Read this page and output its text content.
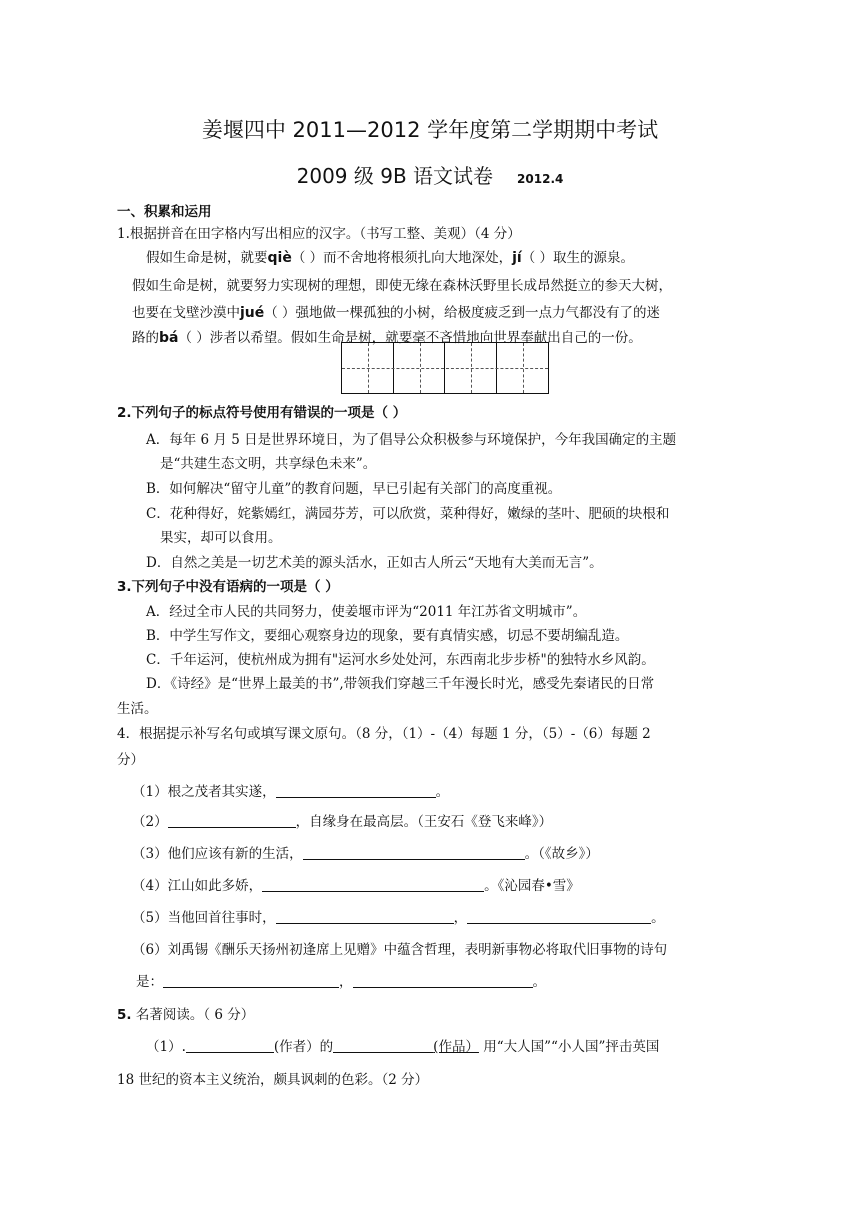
姜堰四中 2011—2012 学年度第二学期期中考试
2009 级 9B 语文试卷 2012.4
一、积累和运用
1.根据拼音在田字格内写出相应的汉字。（书写工整、美观）（4 分）
假如生命是树，就要qiè（ ）而不舍地将根须扎向大地深处，jí（ ）取生的源泉。
假如生命是树，就要努力实现树的理想，即使无缘在森林沃野里长成昂然挺立的参天大树，
也要在戈壁沙漠中jué（ ）强地做一棵孤独的小树，给极度疲乏到一点力气都没有了的迷
路的bá（ ）涉者以希望。假如生命是树，就要毫不吝惜地向世界奉献出自己的一份。
2.下列句子的标点符号使用有错误的一项是（ ）
A．每年 6 月 5 日是世界环境日，为了倡导公众积极参与环境保护，今年我国确定的主题
是“共建生态文明，共享绿色未来”。
B．如何解决“留守儿童”的教育问题，早已引起有关部门的高度重视。
C．花种得好，姹紫嫣红，满园芬芳，可以欣赏，菜种得好，嫩绿的茎叶、肥硕的块根和
果实，却可以食用。
D．自然之美是一切艺术美的源头活水，正如古人所云“天地有大美而无言”。
3.下列句子中没有语病的一项是（ ）
A．经过全市人民的共同努力，使姜堰市评为“2011 年江苏省文明城市”。
B．中学生写作文，要细心观察身边的现象，要有真情实感，切忌不要胡编乱造。
C．千年运河，使杭州成为拥有"运河水乡处处河，东西南北步步桥"的独特水乡风韵。
D．《诗经》是“世界上最美的书”,带领我们穿越三千年漫长时光，感受先秦诸民的日常
生活。
4．根据提示补写名句或填写课文原句。（8 分，（1）-（4）每题 1 分，（5）-（6）每题 2
分）
（1）根之茂者其实遂，	。
（2）	，自缘身在最高层。（王安石《登飞来峰》）
（3）他们应该有新的生活，	。（《故乡》）
（4）江山如此多娇，	。《沁园春•雪》
（5）当他回首往事时，	，	。
（6）刘禹锡《酬乐天扬州初逢席上见赠》中蕴含哲理，表明新事物必将取代旧事物的诗句
是：	，	。
5. 名著阅读。（ 6 分）
（1）.	(作者）的	(作品） 用“大人国”“小人国”抨击英国
18 世纪的资本主义统治，颇具讽刺的色彩。（2 分）
